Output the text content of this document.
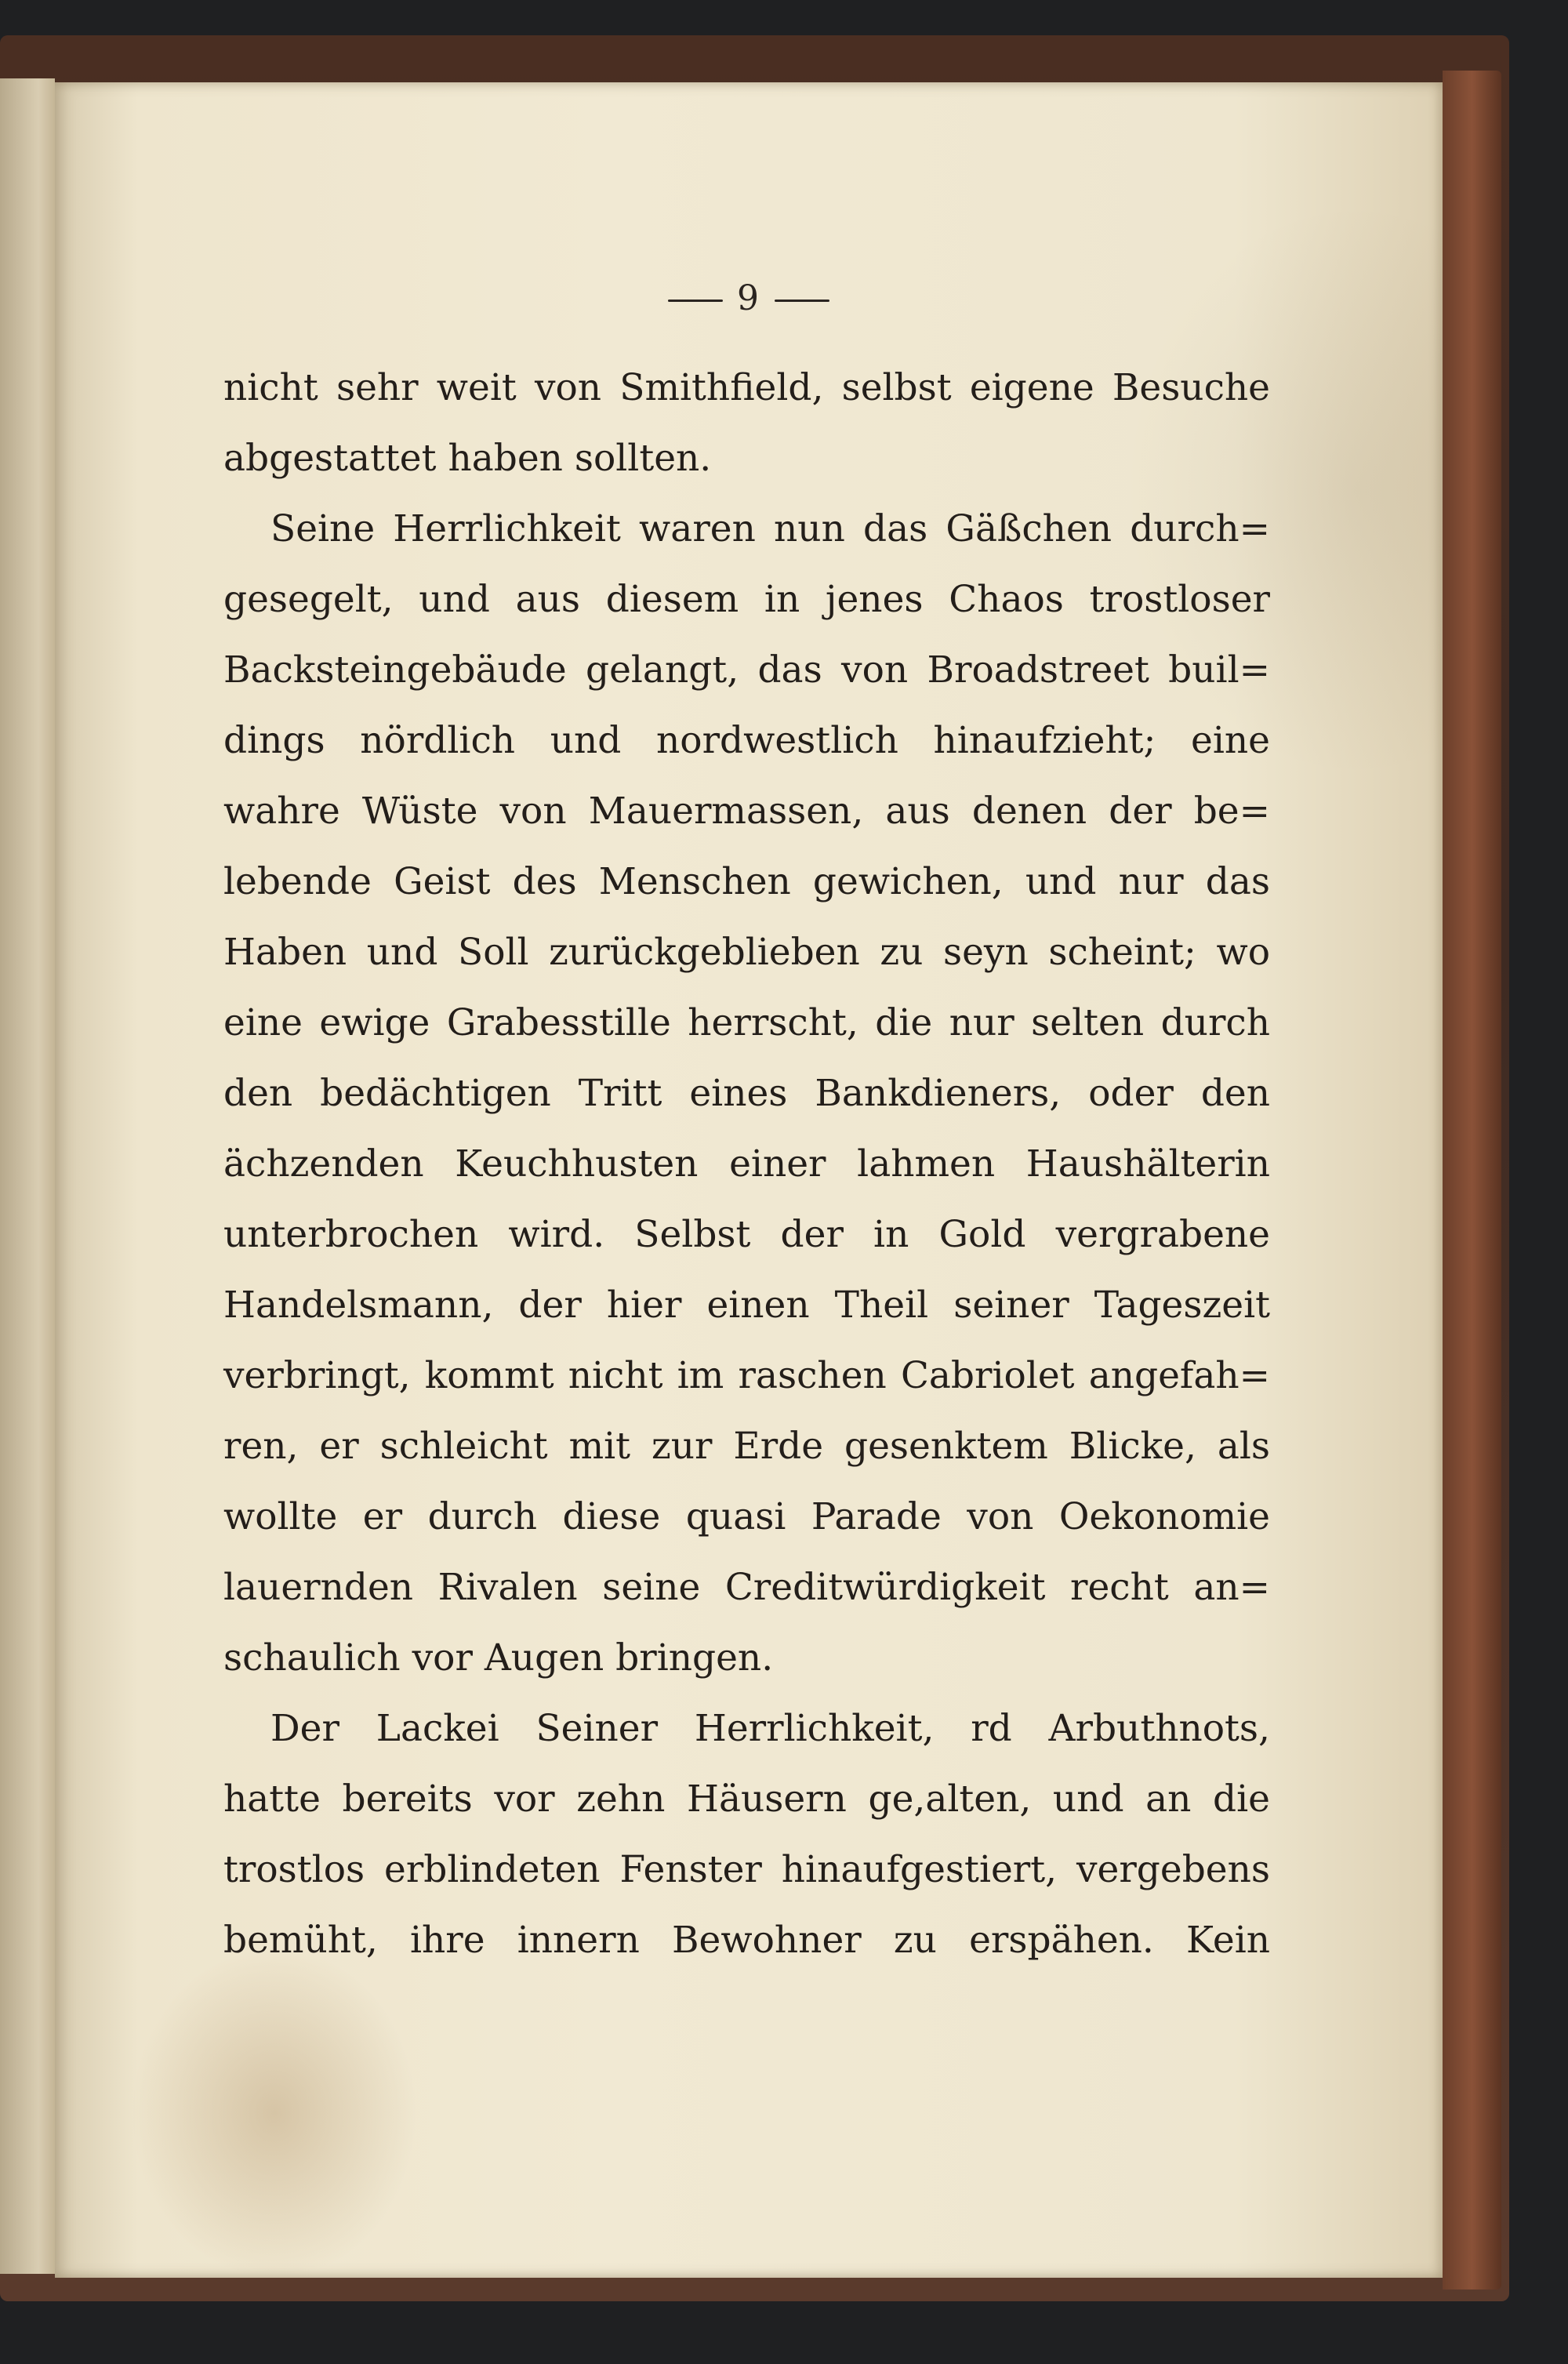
9
nicht sehr weit von Smithfield, selbst eigene Besuche
abgestattet haben sollten.
Seine Herrlichkeit waren nun das Gäßchen durch=
gesegelt, und aus diesem in jenes Chaos trostloser
Backsteingebäude gelangt, das von Broadstreet buil=
dings nördlich und nordwestlich hinaufzieht; eine
wahre Wüste von Mauermassen, aus denen der be=
lebende Geist des Menschen gewichen, und nur das
Haben und Soll zurückgeblieben zu seyn scheint; wo
eine ewige Grabesstille herrscht, die nur selten durch
den bedächtigen Tritt eines Bankdieners, oder den
ächzenden Keuchhusten einer lahmen Haushälterin
unterbrochen wird. Selbst der in Gold vergrabene
Handelsmann, der hier einen Theil seiner Tageszeit
verbringt, kommt nicht im raschen Cabriolet angefah=
ren, er schleicht mit zur Erde gesenktem Blicke, als
wollte er durch diese quasi Parade von Oekonomie
lauernden Rivalen seine Creditwürdigkeit recht an=
schaulich vor Augen bringen.
Der Lackei Seiner Herrlichkeit, rd Arbuthnots,
hatte bereits vor zehn Häusern ge,alten, und an die
trostlos erblindeten Fenster hinaufgestiert, vergebens
bemüht, ihre innern Bewohner zu erspähen. Kein
